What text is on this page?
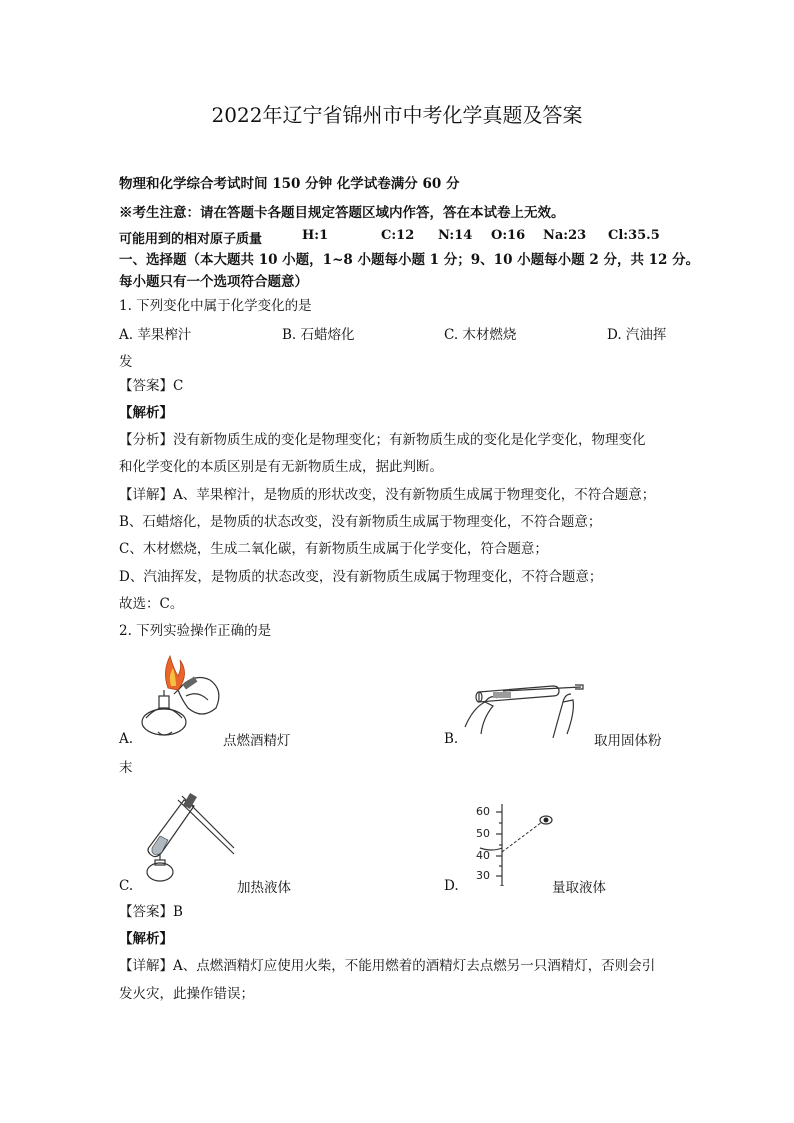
2022年辽宁省锦州市中考化学真题及答案
物理和化学综合考试时间 150 分钟 化学试卷满分 60 分
※考生注意：请在答题卡各题目规定答题区域内作答，答在本试卷上无效。
可能用到的相对原子质量	H:1	C:12 N:14 O:16 Na:23 Cl:35.5
一、选择题（本大题共 10 小题，1~8 小题每小题 1 分；9、10 小题每小题 2 分，共 12 分。
每小题只有一个选项符合题意）
1. 下列变化中属于化学变化的是
A. 苹果榨汁	B. 石蜡熔化	C. 木材燃烧	D. 汽油挥
发
【答案】C
【解析】
【分析】没有新物质生成的变化是物理变化；有新物质生成的变化是化学变化，物理变化
和化学变化的本质区别是有无新物质生成，据此判断。
【详解】A、苹果榨汁，是物质的形状改变，没有新物质生成属于物理变化，不符合题意；
B、石蜡熔化，是物质的状态改变，没有新物质生成属于物理变化，不符合题意；
C、木材燃烧，生成二氧化碳，有新物质生成属于化学变化，符合题意；
D、汽油挥发，是物质的状态改变，没有新物质生成属于物理变化，不符合题意；
故选：C。
2. 下列实验操作正确的是
A.	点燃酒精灯	B.	取用固体粉
末
C.	加热液体
60
50
40
30
D.	量取液体
【答案】B
【解析】
【详解】A、点燃酒精灯应使用火柴，不能用燃着的酒精灯去点燃另一只酒精灯，否则会引
发火灾，此操作错误；
